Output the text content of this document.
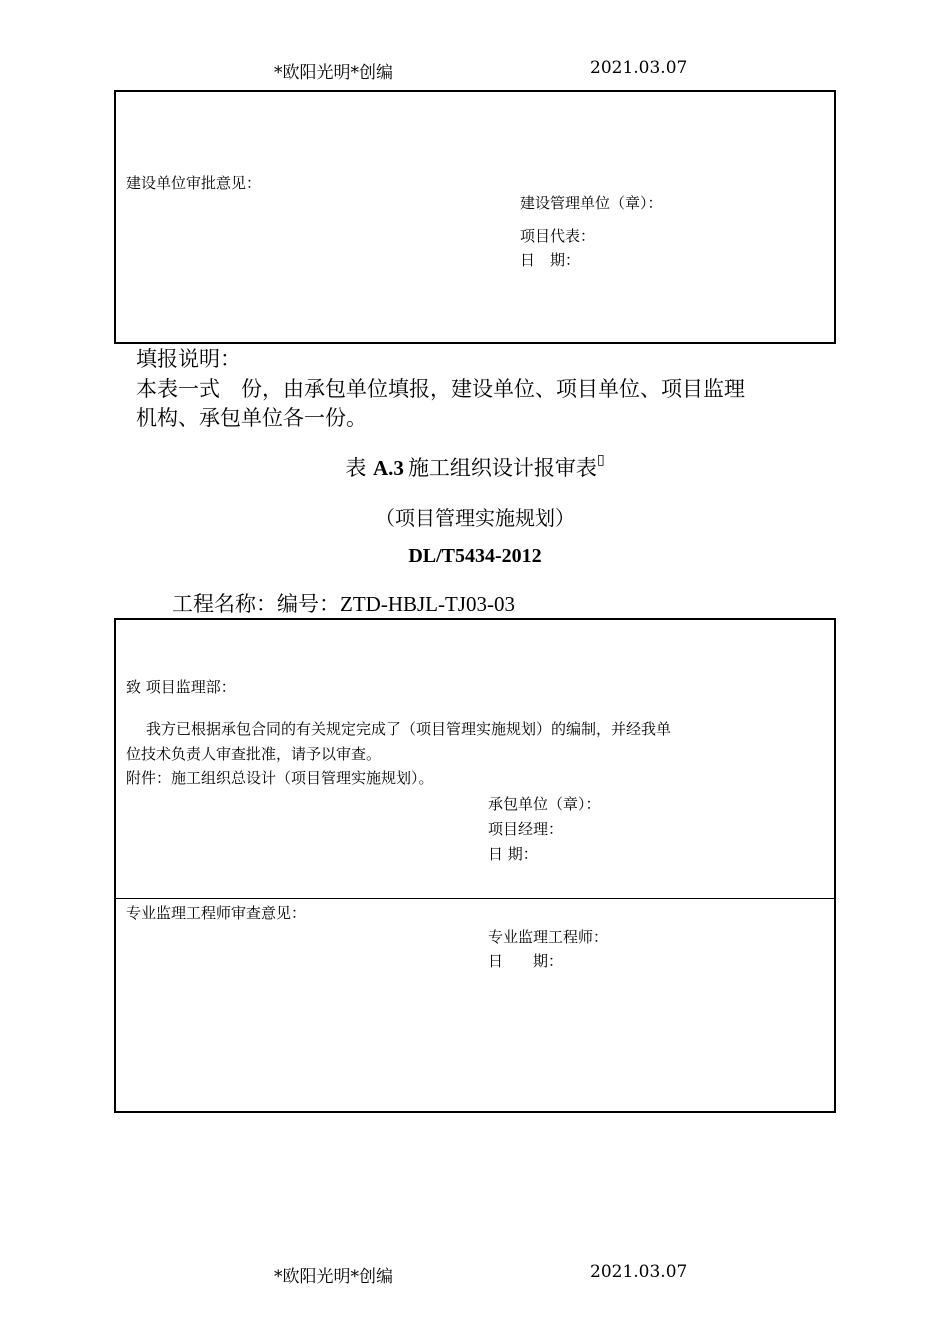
*欧阳光明*创编	2021.03.07
建设单位审批意见：
建设管理单位（章）：
项目代表：
日　期：
填报说明：
本表一式　份，由承包单位填报，建设单位、项目单位、项目监理
机构、承包单位各一份。
表 A.3 施工组织设计报审表▯
（项目管理实施规划）
DL/T5434-2012
工程名称：编号：ZTD-HBJL-TJ03-03
致 项目监理部：
我方已根据承包合同的有关规定完成了（项目管理实施规划）的编制，并经我单
位技术负责人审查批准，请予以审查。
附件：施工组织总设计（项目管理实施规划）。
承包单位（章）：
项目经理：
日 期：
专业监理工程师审查意见：
专业监理工程师：
日　　期：
*欧阳光明*创编	2021.03.07
